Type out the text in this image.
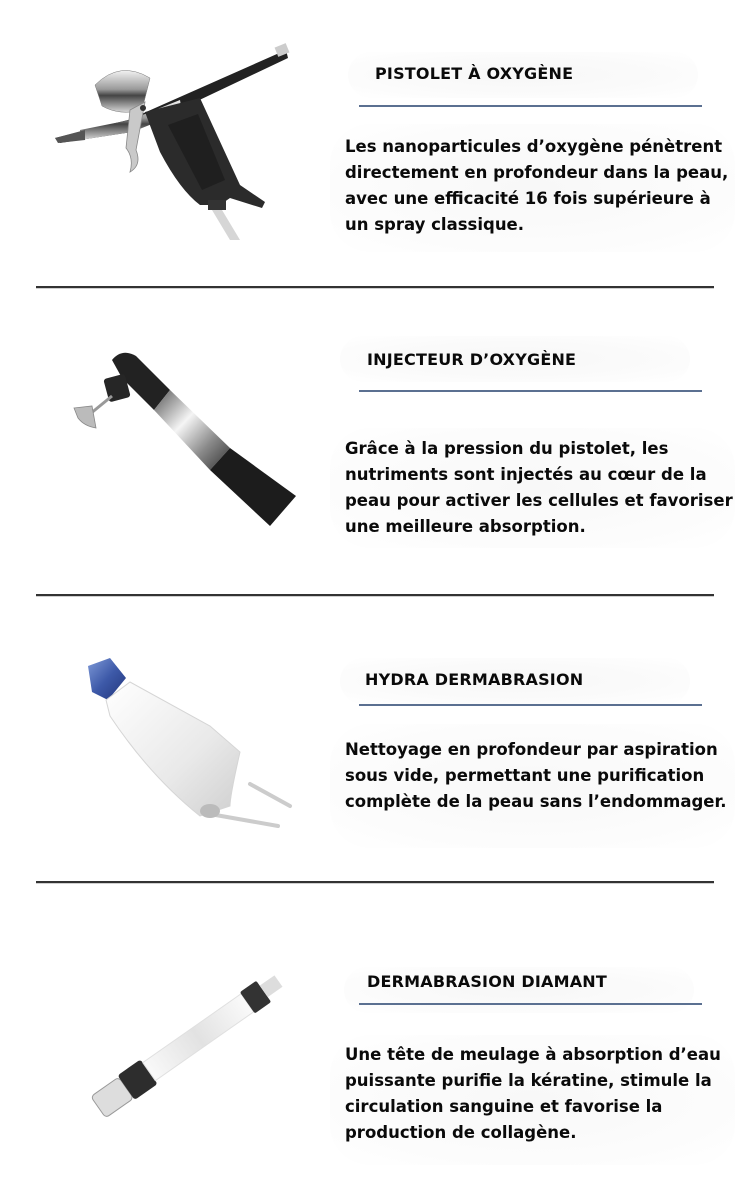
PISTOLET À OXYGÈNE
Les nanoparticules d’oxygène pénètrent directement en profondeur dans la peau, avec une efficacité 16 fois supérieure à un spray classique.
INJECTEUR D’OXYGÈNE
Grâce à la pression du pistolet, les nutriments sont injectés au cœur de la peau pour activer les cellules et favoriser une meilleure absorption.
HYDRA DERMABRASION
Nettoyage en profondeur par aspiration sous vide, permettant une purification complète de la peau sans l’endommager.
DERMABRASION DIAMANT
Une tête de meulage à absorption d’eau puissante purifie la kératine, stimule la circulation sanguine et favorise la production de collagène.
